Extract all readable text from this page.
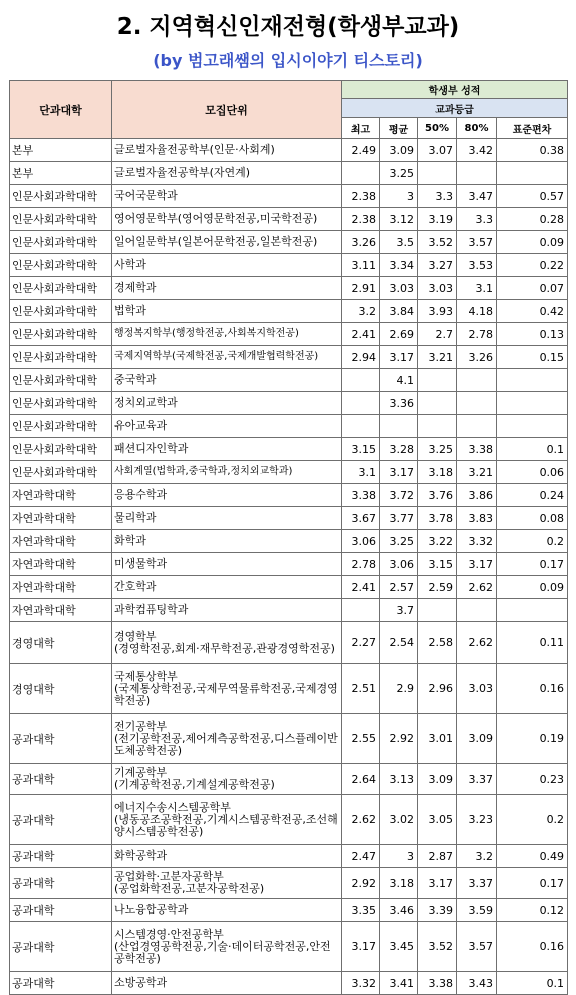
2. 지역혁신인재전형(학생부교과)
(by 범고래쌤의 입시이야기 티스토리)
단과대학	모집단위	학생부 성적				
		교과등급				
		최고	평균	50%	80%	표준편차
본부	글로벌자율전공학부(인문·사회계)	2.49	3.09	3.07	3.42	0.38
본부	글로벌자율전공학부(자연계)		3.25			
인문사회과학대학	국어국문학과	2.38	3	3.3	3.47	0.57
인문사회과학대학	영어영문학부(영어영문학전공,미국학전공)	2.38	3.12	3.19	3.3	0.28
인문사회과학대학	일어일문학부(일본어문학전공,일본학전공)	3.26	3.5	3.52	3.57	0.09
인문사회과학대학	사학과	3.11	3.34	3.27	3.53	0.22
인문사회과학대학	경제학과	2.91	3.03	3.03	3.1	0.07
인문사회과학대학	법학과	3.2	3.84	3.93	4.18	0.42
인문사회과학대학	행정복지학부(행정학전공,사회복지학전공)	2.41	2.69	2.7	2.78	0.13
인문사회과학대학	국제지역학부(국제학전공,국제개발협력학전공)	2.94	3.17	3.21	3.26	0.15
인문사회과학대학	중국학과		4.1			
인문사회과학대학	정치외교학과		3.36			
인문사회과학대학	유아교육과					
인문사회과학대학	패션디자인학과	3.15	3.28	3.25	3.38	0.1
인문사회과학대학	사회계열(법학과,중국학과,정치외교학과)	3.1	3.17	3.18	3.21	0.06
자연과학대학	응용수학과	3.38	3.72	3.76	3.86	0.24
자연과학대학	물리학과	3.67	3.77	3.78	3.83	0.08
자연과학대학	화학과	3.06	3.25	3.22	3.32	0.2
자연과학대학	미생물학과	2.78	3.06	3.15	3.17	0.17
자연과학대학	간호학과	2.41	2.57	2.59	2.62	0.09
자연과학대학	과학컴퓨팅학과		3.7			
경영대학	경영학부
(경영학전공,회계·재무학전공,관광경영학전공)	2.27	2.54	2.58	2.62	0.11
경영대학	국제통상학부
(국제통상학전공,국제무역물류학전공,국제경영학전공)	2.51	2.9	2.96	3.03	0.16
공과대학	전기공학부
(전기공학전공,제어계측공학전공,디스플레이반도체공학전공)	2.55	2.92	3.01	3.09	0.19
공과대학	기계공학부
(기계공학전공,기계설계공학전공)	2.64	3.13	3.09	3.37	0.23
공과대학	에너지수송시스템공학부
(냉동공조공학전공,기계시스템공학전공,조선해양시스템공학전공)	2.62	3.02	3.05	3.23	0.2
공과대학	화학공학과	2.47	3	2.87	3.2	0.49
공과대학	공업화학·고분자공학부
(공업화학전공,고분자공학전공)	2.92	3.18	3.17	3.37	0.17
공과대학	나노융합공학과	3.35	3.46	3.39	3.59	0.12
공과대학	시스템경영·안전공학부
(산업경영공학전공,기술·데이터공학전공,안전공학전공)	3.17	3.45	3.52	3.57	0.16
공과대학	소방공학과	3.32	3.41	3.38	3.43	0.1
